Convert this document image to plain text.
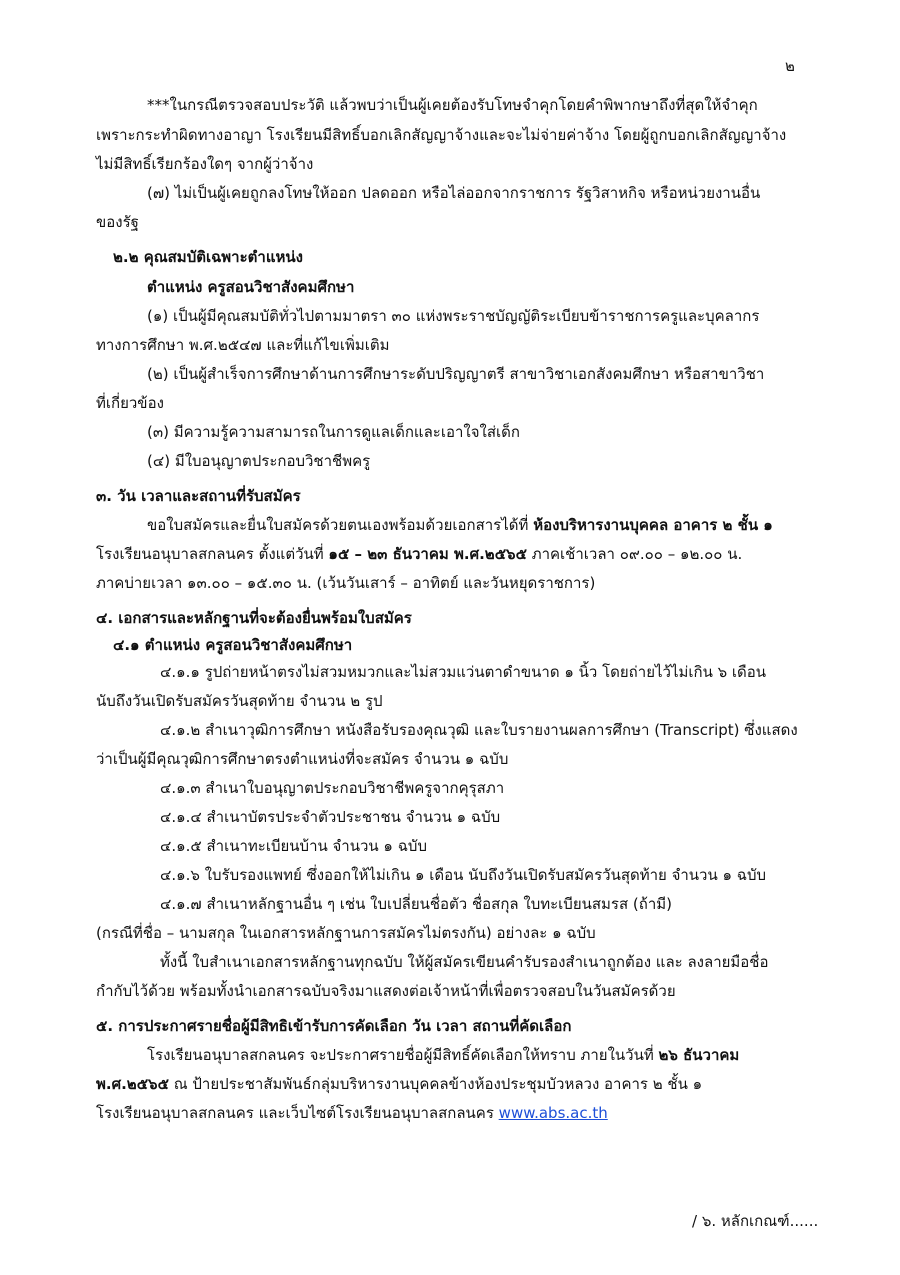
๒
***ในกรณีตรวจสอบประวัติ แล้วพบว่าเป็นผู้เคยต้องรับโทษจำคุกโดยคำพิพากษาถึงที่สุดให้จำคุก
เพราะกระทำผิดทางอาญา โรงเรียนมีสิทธิ์บอกเลิกสัญญาจ้างและจะไม่จ่ายค่าจ้าง โดยผู้ถูกบอกเลิกสัญญาจ้าง
ไม่มีสิทธิ์เรียกร้องใดๆ จากผู้ว่าจ้าง
(๗) ไม่เป็นผู้เคยถูกลงโทษให้ออก ปลดออก หรือไล่ออกจากราชการ รัฐวิสาหกิจ หรือหน่วยงานอื่น
ของรัฐ
๒.๒ คุณสมบัติเฉพาะตำแหน่ง
ตำแหน่ง ครูสอนวิชาสังคมศึกษา
(๑) เป็นผู้มีคุณสมบัติทั่วไปตามมาตรา ๓๐ แห่งพระราชบัญญัติระเบียบข้าราชการครูและบุคลากร
ทางการศึกษา พ.ศ.๒๕๔๗ และที่แก้ไขเพิ่มเติม
(๒) เป็นผู้สำเร็จการศึกษาด้านการศึกษาระดับปริญญาตรี สาขาวิชาเอกสังคมศึกษา หรือสาขาวิชา
ที่เกี่ยวข้อง
(๓) มีความรู้ความสามารถในการดูแลเด็กและเอาใจใส่เด็ก
(๔) มีใบอนุญาตประกอบวิชาชีพครู
๓. วัน เวลาและสถานที่รับสมัคร
ขอใบสมัครและยื่นใบสมัครด้วยตนเองพร้อมด้วยเอกสารได้ที่ ห้องบริหารงานบุคคล อาคาร ๒ ชั้น ๑
โรงเรียนอนุบาลสกลนคร ตั้งแต่วันที่ ๑๕ – ๒๓ ธันวาคม พ.ศ.๒๕๖๕ ภาคเช้าเวลา ๐๙.๐๐ – ๑๒.๐๐ น.
ภาคบ่ายเวลา ๑๓.๐๐ – ๑๕.๓๐ น. (เว้นวันเสาร์ – อาทิตย์ และวันหยุดราชการ)
๔. เอกสารและหลักฐานที่จะต้องยื่นพร้อมใบสมัคร
๔.๑ ตำแหน่ง ครูสอนวิชาสังคมศึกษา
๔.๑.๑ รูปถ่ายหน้าตรงไม่สวมหมวกและไม่สวมแว่นตาดำขนาด ๑ นิ้ว โดยถ่ายไว้ไม่เกิน ๖ เดือน
นับถึงวันเปิดรับสมัครวันสุดท้าย จำนวน ๒ รูป
๔.๑.๒ สำเนาวุฒิการศึกษา หนังสือรับรองคุณวุฒิ และใบรายงานผลการศึกษา (Transcript) ซึ่งแสดง
ว่าเป็นผู้มีคุณวุฒิการศึกษาตรงตำแหน่งที่จะสมัคร จำนวน ๑ ฉบับ
๔.๑.๓ สำเนาใบอนุญาตประกอบวิชาชีพครูจากคุรุสภา
๔.๑.๔ สำเนาบัตรประจำตัวประชาชน จำนวน ๑ ฉบับ
๔.๑.๕ สำเนาทะเบียนบ้าน จำนวน ๑ ฉบับ
๔.๑.๖ ใบรับรองแพทย์ ซึ่งออกให้ไม่เกิน ๑ เดือน นับถึงวันเปิดรับสมัครวันสุดท้าย จำนวน ๑ ฉบับ
๔.๑.๗ สำเนาหลักฐานอื่น ๆ เช่น ใบเปลี่ยนชื่อตัว ชื่อสกุล ใบทะเบียนสมรส (ถ้ามี)
(กรณีที่ชื่อ – นามสกุล ในเอกสารหลักฐานการสมัครไม่ตรงกัน) อย่างละ ๑ ฉบับ
ทั้งนี้ ใบสำเนาเอกสารหลักฐานทุกฉบับ ให้ผู้สมัครเขียนคำรับรองสำเนาถูกต้อง และ ลงลายมือชื่อ
กำกับไว้ด้วย พร้อมทั้งนำเอกสารฉบับจริงมาแสดงต่อเจ้าหน้าที่เพื่อตรวจสอบในวันสมัครด้วย
๕. การประกาศรายชื่อผู้มีสิทธิเข้ารับการคัดเลือก วัน เวลา สถานที่คัดเลือก
โรงเรียนอนุบาลสกลนคร จะประกาศรายชื่อผู้มีสิทธิ์คัดเลือกให้ทราบ ภายในวันที่ ๒๖ ธันวาคม
พ.ศ.๒๕๖๕ ณ ป้ายประชาสัมพันธ์กลุ่มบริหารงานบุคคลข้างห้องประชุมบัวหลวง อาคาร ๒ ชั้น ๑
โรงเรียนอนุบาลสกลนคร และเว็บไซต์โรงเรียนอนุบาลสกลนคร www.abs.ac.th
/ ๖. หลักเกณฑ์......
